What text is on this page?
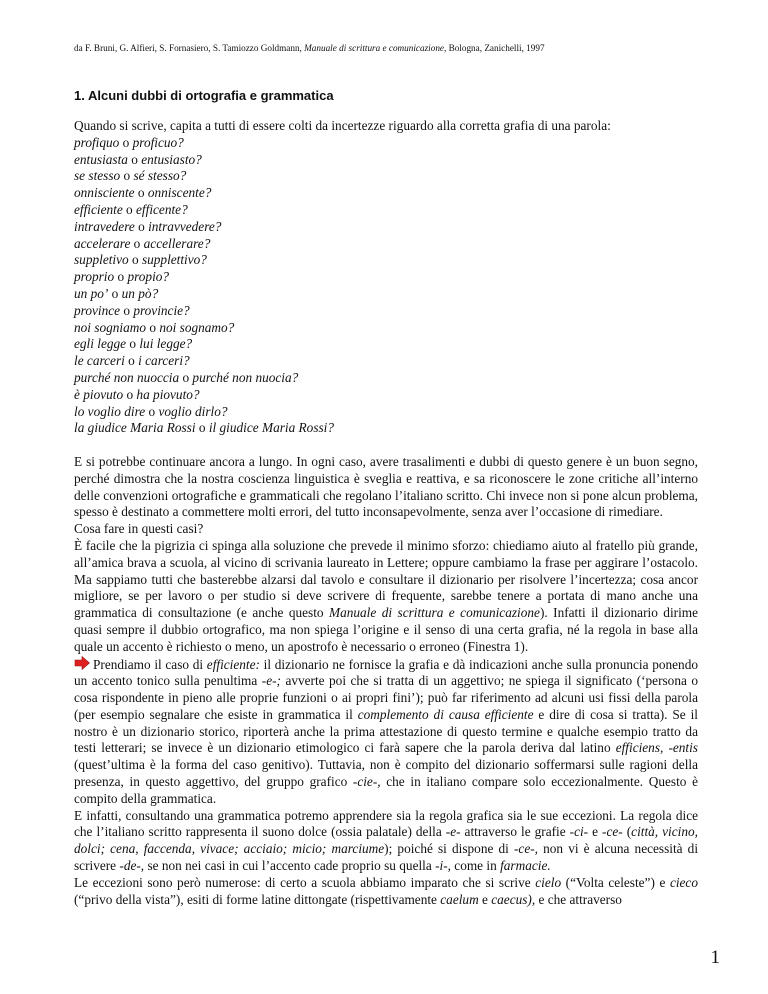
da F. Bruni, G. Alfieri, S. Fornasiero, S. Tamiozzo Goldmann, Manuale di scrittura e comunicazione, Bologna, Zanichelli, 1997
1. Alcuni dubbi di ortografia e grammatica

Quando si scrive, capita a tutti di essere colti da incertezze riguardo alla corretta grafia di una parola:

profiquo o proficuo?
entusiasta o entusiasto?
se stesso o sé stesso?
onnisciente o onniscente?
efficiente o efficente?
intravedere o intravvedere?
accelerare o accellerare?
suppletivo o supplettivo?
proprio o propio?
un po’ o un pò?
province o provincie?
noi sogniamo o noi sognamo?
egli legge o lui legge?
le carceri o i carceri?
purché non nuoccia o purché non nuocia?
è piovuto o ha piovuto?
lo voglio dire o voglio dirlo?
la giudice Maria Rossi o il giudice Maria Rossi?

E si potrebbe continuare ancora a lungo. In ogni caso, avere trasalimenti e dubbi di questo genere è un buon segno, perché dimostra che la nostra coscienza linguistica è sveglia e reattiva, e sa riconoscere le zone critiche all’interno delle convenzioni ortografiche e grammaticali che regolano l’italiano scritto. Chi invece non si pone alcun problema, spesso è destinato a commettere molti errori, del tutto inconsapevolmente, senza aver l’occasione di rimediare.

Cosa fare in questi casi?

È facile che la pigrizia ci spinga alla soluzione che prevede il minimo sforzo: chiediamo aiuto al fratello più grande, all’amica brava a scuola, al vicino di scrivania laureato in Lettere; oppure cambiamo la frase per aggirare l’ostacolo. Ma sappiamo tutti che basterebbe alzarsi dal tavolo e consultare il dizionario per risolvere l’incertezza; cosa ancor migliore, se per lavoro o per studio si deve scrivere di frequente, sarebbe tenere a portata di mano anche una grammatica di consultazione (e anche questo Manuale di scrittura e comunicazione). Infatti il dizionario dirime quasi sempre il dubbio ortografico, ma non spiega l’origine e il senso di una certa grafia, né la regola in base alla quale un accento è richiesto o meno, un apostrofo è necessario o erroneo (Finestra 1).

Prendiamo il caso di efficiente: il dizionario ne fornisce la grafia e dà indicazioni anche sulla pronuncia ponendo un accento tonico sulla penultima -e-; avverte poi che si tratta di un aggettivo; ne spiega il significato (‘persona o cosa rispondente in pieno alle proprie funzioni o ai propri fini’); può far riferimento ad alcuni usi fissi della parola (per esempio segnalare che esiste in grammatica il complemento di causa efficiente e dire di cosa si tratta). Se il nostro è un dizionario storico, riporterà anche la prima attestazione di questo termine e qualche esempio tratto da testi letterari; se invece è un dizionario etimologico ci farà sapere che la parola deriva dal latino efficiens, -entis (quest’ultima è la forma del caso genitivo). Tuttavia, non è compito del dizionario soffermarsi sulle ragioni della presenza, in questo aggettivo, del gruppo grafico -cie-, che in italiano compare solo eccezionalmente. Questo è compito della grammatica.

E infatti, consultando una grammatica potremo apprendere sia la regola grafica sia le sue eccezioni. La regola dice che l’italiano scritto rappresenta il suono dolce (ossia palatale) della -e- attraverso le grafie -ci- e -ce- (città, vicino, dolci; cena, faccenda, vivace; acciaio; micio; marciume); poiché si dispone di -ce-, non vi è alcuna necessità di scrivere -de-, se non nei casi in cui l’accento cade proprio su quella -i-, come in farmacie.

Le eccezioni sono però numerose: di certo a scuola abbiamo imparato che si scrive cielo (“Volta celeste”) e cieco (“privo della vista”), esiti di forme latine dittongate (rispettivamente caelum e caecus), e che attraverso

1
